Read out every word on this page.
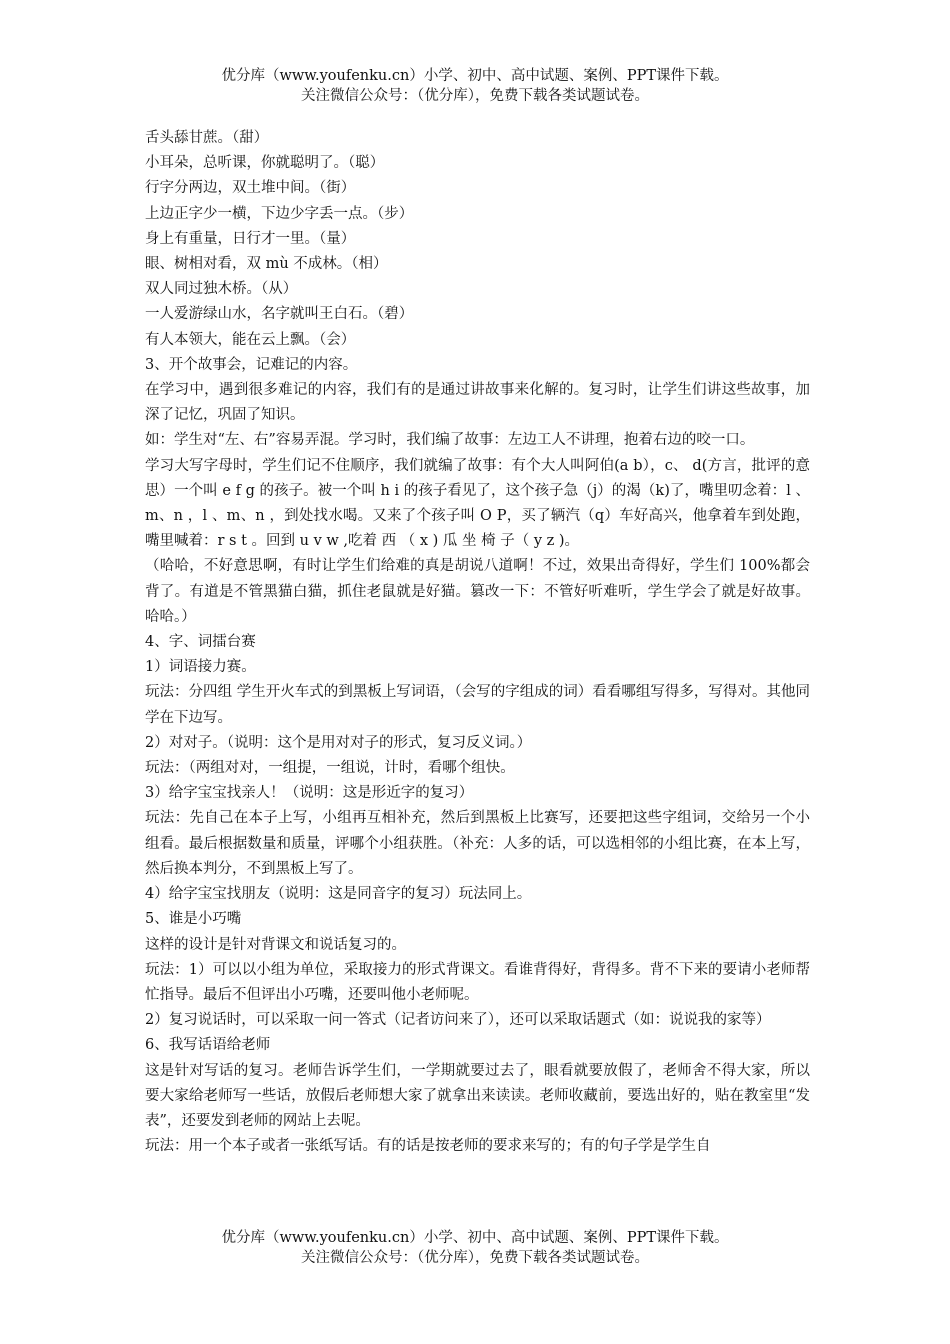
优分库（www.youfenku.cn）小学、初中、高中试题、案例、PPT课件下载。
关注微信公众号：（优分库），免费下载各类试题试卷。

舌头舔甘蔗。（甜）

小耳朵，总听课，你就聪明了。（聪）

行字分两边，双土堆中间。（街）

上边正字少一横，下边少字丢一点。（步）

身上有重量，日行才一里。（量）

眼、树相对看，双 mù 不成林。（相）

双人同过独木桥。（从）

一人爱游绿山水，名字就叫王白石。（碧）

有人本领大，能在云上飘。（会）

3、开个故事会，记难记的内容。

在学习中，遇到很多难记的内容，我们有的是通过讲故事来化解的。复习时，让学生们讲这些故事，加深了记忆，巩固了知识。

如：学生对“左、右”容易弄混。学习时，我们编了故事：左边工人不讲理，抱着右边的咬一口。

学习大写字母时，学生们记不住顺序，我们就编了故事：有个大人叫阿伯(a b），c、 d(方言，批评的意思）一个叫 e f g 的孩子。被一个叫 h i 的孩子看见了，这个孩子急（j）的渴（k)了，嘴里叨念着：l 、m、n ，l 、m、n ，到处找水喝。又来了个孩子叫 O P，买了辆汽（q）车好高兴，他拿着车到处跑，嘴里喊着：r s t 。回到 u v w ,吃着 西 （ x ) 瓜 坐 椅 子（ y z )。

（哈哈，不好意思啊，有时让学生们给难的真是胡说八道啊！不过，效果出奇得好，学生们 100%都会背了。有道是不管黑猫白猫，抓住老鼠就是好猫。篡改一下：不管好听难听，学生学会了就是好故事。哈哈。）

4、字、词擂台赛

1）词语接力赛。

玩法：分四组 学生开火车式的到黑板上写词语，（会写的字组成的词）看看哪组写得多，写得对。其他同学在下边写。

2）对对子。（说明：这个是用对对子的形式，复习反义词。）

玩法：（两组对对，一组提，一组说，计时，看哪个组快。

3）给字宝宝找亲人！（说明：这是形近字的复习）

玩法：先自己在本子上写，小组再互相补充，然后到黑板上比赛写，还要把这些字组词，交给另一个小组看。最后根据数量和质量，评哪个小组获胜。（补充：人多的话，可以选相邻的小组比赛，在本上写，然后换本判分，不到黑板上写了。

4）给字宝宝找朋友（说明：这是同音字的复习）玩法同上。

5、谁是小巧嘴

这样的设计是针对背课文和说话复习的。

玩法：1）可以以小组为单位，采取接力的形式背课文。看谁背得好，背得多。背不下来的要请小老师帮忙指导。最后不但评出小巧嘴，还要叫他小老师呢。

2）复习说话时，可以采取一问一答式（记者访问来了），还可以采取话题式（如：说说我的家等）

6、我写话语给老师

这是针对写话的复习。老师告诉学生们，一学期就要过去了，眼看就要放假了，老师舍不得大家，所以要大家给老师写一些话，放假后老师想大家了就拿出来读读。老师收藏前，要选出好的，贴在教室里“发表”，还要发到老师的网站上去呢。

玩法：用一个本子或者一张纸写话。有的话是按老师的要求来写的；有的句子学是学生自

优分库（www.youfenku.cn）小学、初中、高中试题、案例、PPT课件下载。
关注微信公众号：（优分库），免费下载各类试题试卷。
